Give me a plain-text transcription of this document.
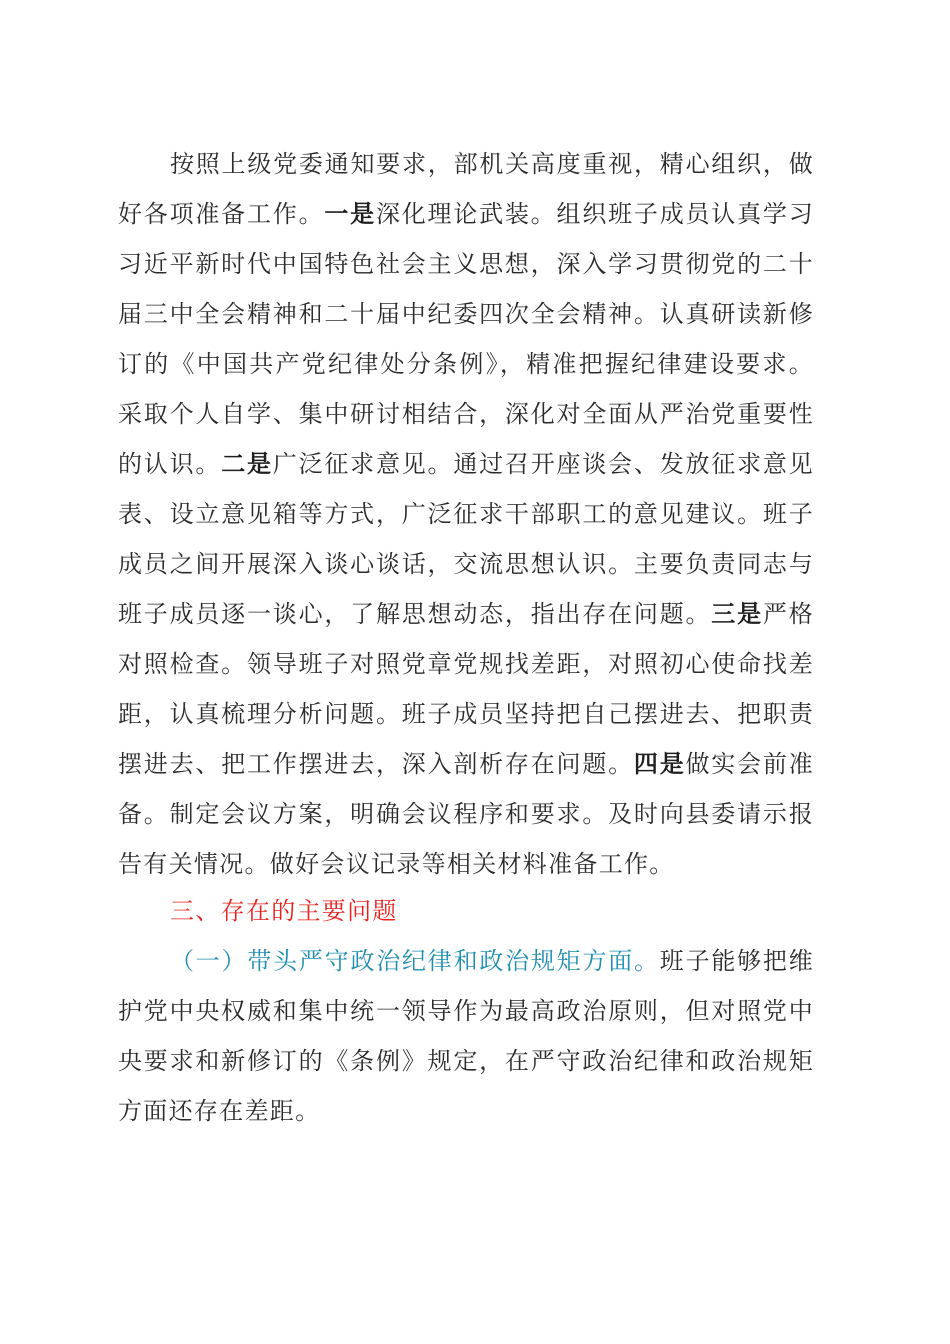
按照上级党委通知要求，部机关高度重视，精心组织，做好各项准备工作。一是深化理论武装。组织班子成员认真学习习近平新时代中国特色社会主义思想，深入学习贯彻党的二十届三中全会精神和二十届中纪委四次全会精神。认真研读新修订的《中国共产党纪律处分条例》，精准把握纪律建设要求。采取个人自学、集中研讨相结合，深化对全面从严治党重要性的认识。二是广泛征求意见。通过召开座谈会、发放征求意见表、设立意见箱等方式，广泛征求干部职工的意见建议。班子成员之间开展深入谈心谈话，交流思想认识。主要负责同志与班子成员逐一谈心，了解思想动态，指出存在问题。三是严格对照检查。领导班子对照党章党规找差距，对照初心使命找差距，认真梳理分析问题。班子成员坚持把自己摆进去、把职责摆进去、把工作摆进去，深入剖析存在问题。四是做实会前准备。制定会议方案，明确会议程序和要求。及时向县委请示报告有关情况。做好会议记录等相关材料准备工作。

三、存在的主要问题

（一）带头严守政治纪律和政治规矩方面。班子能够把维护党中央权威和集中统一领导作为最高政治原则，但对照党中央要求和新修订的《条例》规定，在严守政治纪律和政治规矩方面还存在差距。
